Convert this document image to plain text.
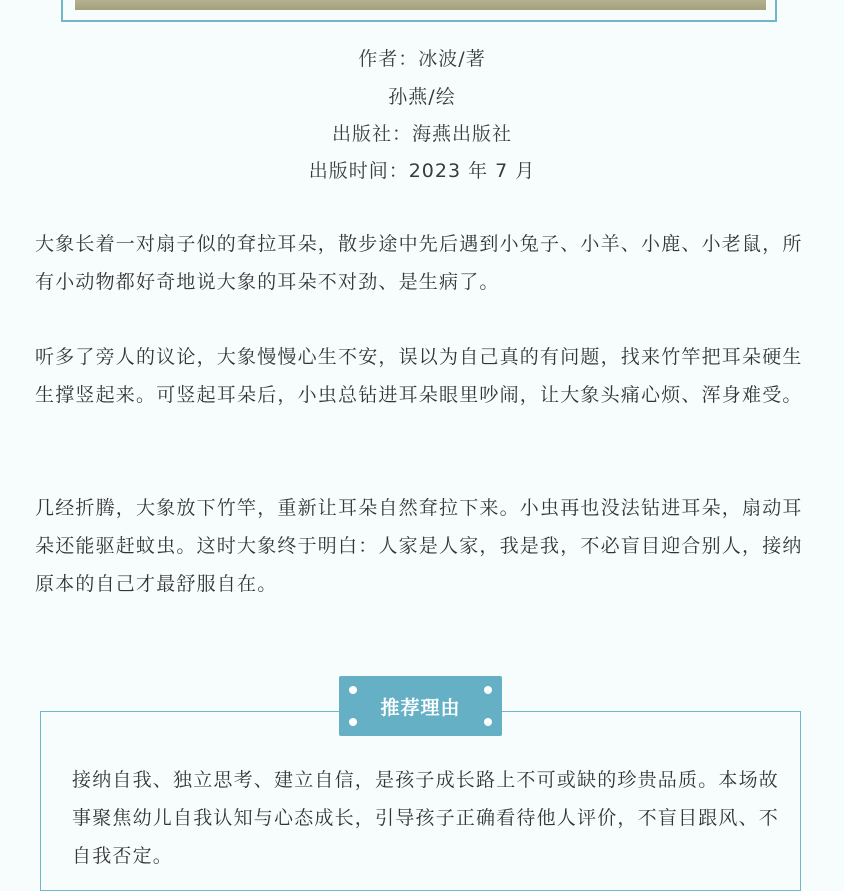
作者：冰波/著
孙燕/绘
出版社：海燕出版社
出版时间：2023 年 7 月

大象长着一对扇子似的耷拉耳朵，散步途中先后遇到小兔子、小羊、小鹿、小老鼠，所有小动物都好奇地说大象的耳朵不对劲、是生病了。

听多了旁人的议论，大象慢慢心生不安，误以为自己真的有问题，找来竹竿把耳朵硬生生撑竖起来。可竖起耳朵后，小虫总钻进耳朵眼里吵闹，让大象头痛心烦、浑身难受。

几经折腾，大象放下竹竿，重新让耳朵自然耷拉下来。小虫再也没法钻进耳朵，扇动耳朵还能驱赶蚊虫。这时大象终于明白：人家是人家，我是我，不必盲目迎合别人，接纳原本的自己才最舒服自在。

推荐理由

接纳自我、独立思考、建立自信，是孩子成长路上不可或缺的珍贵品质。本场故事聚焦幼儿自我认知与心态成长，引导孩子正确看待他人评价，不盲目跟风、不自我否定。
